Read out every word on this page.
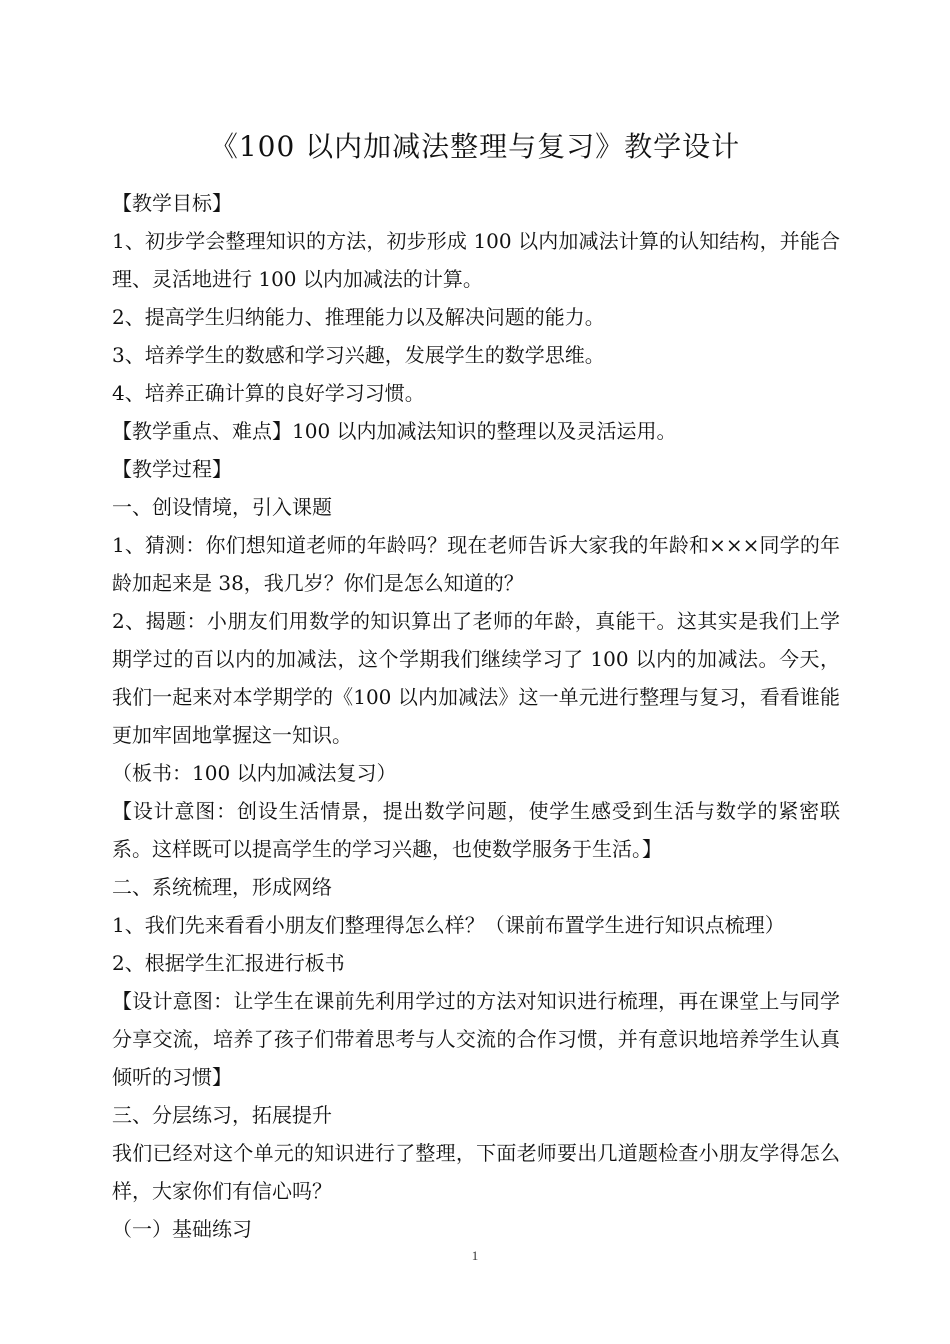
《100 以内加减法整理与复习》教学设计

【教学目标】

1、初步学会整理知识的方法，初步形成 100 以内加减法计算的认知结构，并能合理、灵活地进行 100 以内加减法的计算。

2、提高学生归纳能力、推理能力以及解决问题的能力。

3、培养学生的数感和学习兴趣，发展学生的数学思维。

4、培养正确计算的良好学习习惯。

【教学重点、难点】100 以内加减法知识的整理以及灵活运用。

【教学过程】

一、创设情境，引入课题

1、猜测：你们想知道老师的年龄吗？现在老师告诉大家我的年龄和×××同学的年龄加起来是 38，我几岁？你们是怎么知道的？

2、揭题：小朋友们用数学的知识算出了老师的年龄，真能干。这其实是我们上学期学过的百以内的加减法，这个学期我们继续学习了 100 以内的加减法。今天，我们一起来对本学期学的《100 以内加减法》这一单元进行整理与复习，看看谁能更加牢固地掌握这一知识。

（板书：100 以内加减法复习）

【设计意图：创设生活情景，提出数学问题，使学生感受到生活与数学的紧密联系。这样既可以提高学生的学习兴趣，也使数学服务于生活。】

二、系统梳理，形成网络

1、我们先来看看小朋友们整理得怎么样？（课前布置学生进行知识点梳理）

2、根据学生汇报进行板书

【设计意图：让学生在课前先利用学过的方法对知识进行梳理，再在课堂上与同学分享交流，培养了孩子们带着思考与人交流的合作习惯，并有意识地培养学生认真倾听的习惯】

三、分层练习，拓展提升

我们已经对这个单元的知识进行了整理，下面老师要出几道题检查小朋友学得怎么样，大家你们有信心吗？

（一）基础练习

1
